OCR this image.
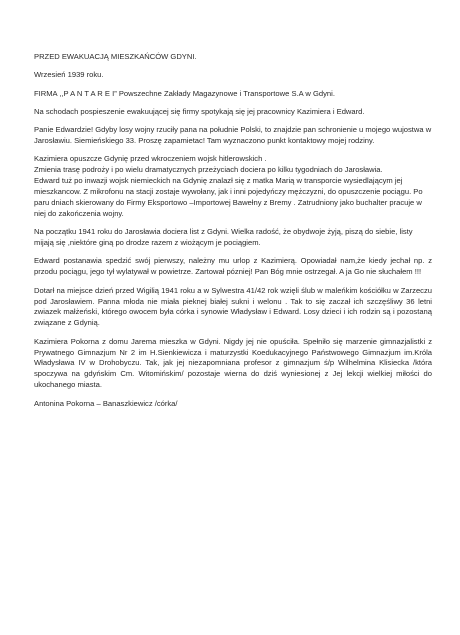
PRZED EWAKUACJĄ MIESZKAŃCÓW GDYNI.

Wrzesień 1939 roku.

FIRMA ,,P A N T A R E I” Powszechne Zakłady Magazynowe i Transportowe S.A w Gdyni.

Na schodach pospieszenie ewakuującej się firmy spotykają się jej pracownicy Kazimiera i Edward.

Panie Edwardzie! Gdyby losy wojny rzuciły pana na południe Polski, to znajdzie pan schronienie u mojego wujostwa w Jarosławiu. Siemieńskiego 33. Proszę zapamietac! Tam wyznaczono punkt kontaktowy mojej rodziny.

Kazimiera opuszcze Gdynię przed wkroczeniem wojsk hitlerowskich .
Zmienia trasę podroży i po wielu dramatycznych przeżyciach dociera po kilku tygodniach do Jarosławia.
Edward tuż po inwazji wojsk niemieckich na Gdynię znalazł się z matka Marią w transporcie wysiedlającym jej mieszkancow. Z mikrofonu na stacji zostaje wywołany, jak i inni pojedyńczy mężczyzni, do opuszczenie pociągu. Po paru dniach skierowany do Firmy Eksportowo –Importowej Bawełny z Bremy . Zatrudniony jako buchalter pracuje w niej do zakończenia wojny.

Na początku 1941 roku do Jarosławia dociera list z Gdyni. Wielka radość, że obydwoje żyją, piszą do siebie, listy mijają się ,niektóre giną po drodze razem z wiożącym je pociągiem.

Edward postanawia spedzić swój pierwszy, należny mu urlop z Kazimierą. Opowiadał nam,że kiedy jechał np. z przodu pociągu, jego tył wylatywał w powietrze. Zartował pózniej! Pan Bóg mnie ostrzegał. A ja Go nie słuchałem !!!

Dotarł na miejsce dzień przed Wigilią 1941 roku a w Sylwestra 41/42 rok wzięli ślub w maleńkim kościółku w Zarzeczu pod Jarosławiem. Panna młoda nie miała pieknej białej sukni i welonu . Tak to się zaczał ich szczęśliwy 36 letni zwiazek małżeński, którego owocem była córka i synowie Władysław i Edward. Losy dzieci i ich rodzin są i pozostaną związane z Gdynią.

Kazimiera Pokorna z domu Jarema mieszka w Gdyni. Nigdy jej nie opuściła. Spełniło się marzenie gimnazjalistki z Prywatnego Gimnazjum Nr 2 im H.Sienkiewicza i maturzystki Koedukacyjnego Państwowego Gimnazjum im.Króla Władysława IV w Drohobyczu. Tak, jak jej niezapomniana profesor z gimnazjum ś/p Wilhelmina Klisiecka /która spoczywa na gdyńskim Cm. Witomińskim/ pozostaje wierna do dziś wyniesionej z Jej lekcji wielkiej miłości do ukochanego miasta.

Antonina Pokorna – Banaszkiewicz /córka/
